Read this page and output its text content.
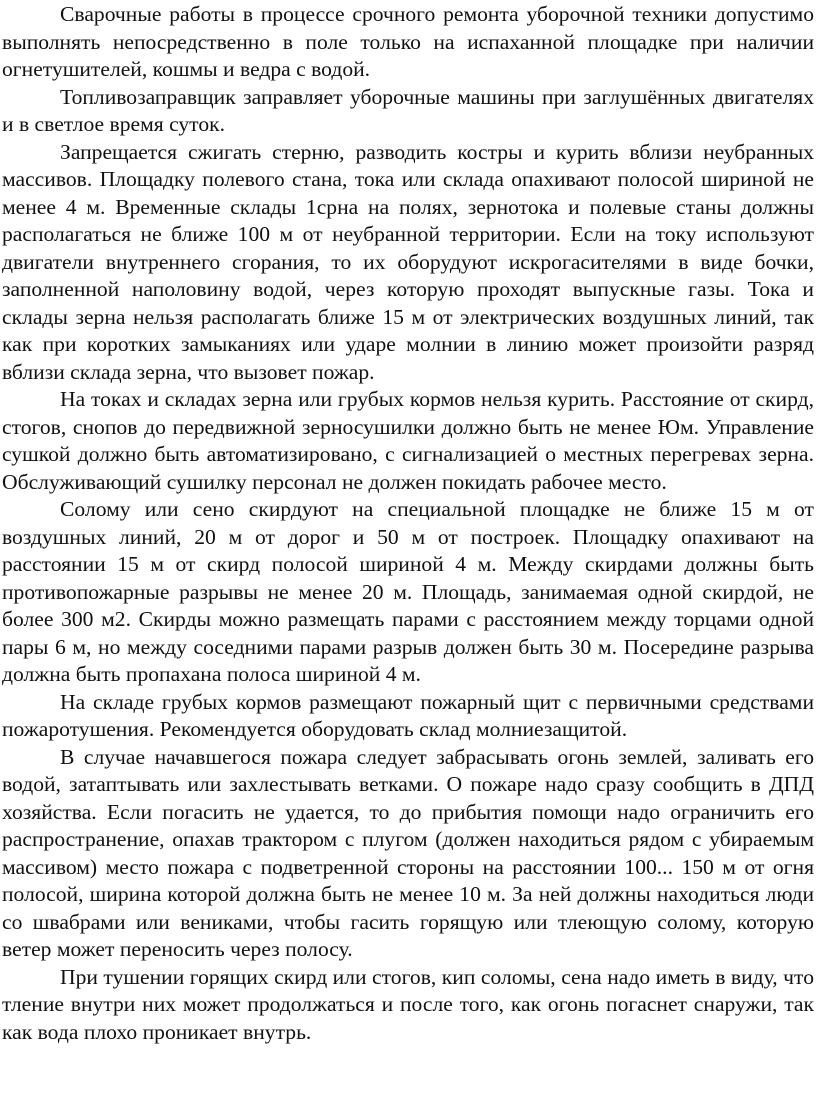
Сварочные работы в процессе срочного ремонта уборочной техники допустимо выполнять непосредственно в поле только на испаханной площадке при наличии огнетушителей, кошмы и ведра с водой.

Топливозаправщик заправляет уборочные машины при заглушённых двигателях и в светлое время суток.

Запрещается сжигать стерню, разводить костры и курить вблизи неубранных массивов. Площадку полевого стана, тока или склада опахивают полосой шириной не менее 4 м. Временные склады 1срна на полях, зернотока и полевые станы должны располагаться не ближе 100 м от неубранной территории. Если на току используют двигатели внутреннего сгорания, то их оборудуют искрогасителями в виде бочки, заполненной наполовину водой, через которую проходят выпускные газы. Тока и склады зерна нельзя располагать ближе 15 м от электрических воздушных линий, так как при коротких замыканиях или ударе молнии в линию может произойти разряд вблизи склада зерна, что вызовет пожар.

На токах и складах зерна или грубых кормов нельзя курить. Расстояние от скирд, стогов, снопов до передвижной зерносушилки должно быть не менее Юм. Управление сушкой должно быть автоматизировано, с сигнализацией о местных перегревах зерна. Обслуживающий сушилку персонал не должен покидать рабочее место.

Солому или сено скирдуют на специальной площадке не ближе 15 м от воздушных линий, 20 м от дорог и 50 м от построек. Площадку опахивают на расстоянии 15 м от скирд полосой шириной 4 м. Между скирдами должны быть противопожарные разрывы не менее 20 м. Площадь, занимаемая одной скирдой, не более 300 м2. Скирды можно размещать парами с расстоянием между торцами одной пары 6 м, но между соседними парами разрыв должен быть 30 м. Посередине разрыва должна быть пропахана полоса шириной 4 м.

На складе грубых кормов размещают пожарный щит с первичными средствами пожаротушения. Рекомендуется оборудовать склад молниезащитой.

В случае начавшегося пожара следует забрасывать огонь землей, заливать его водой, затаптывать или захлестывать ветками. О пожаре надо сразу сообщить в ДПД хозяйства. Если погасить не удается, то до прибытия помощи надо ограничить его распространение, опахав трактором с плугом (должен находиться рядом с убираемым массивом) место пожара с подветренной стороны на расстоянии 100... 150 м от огня полосой, ширина которой должна быть не менее 10 м. За ней должны находиться люди со швабрами или вениками, чтобы гасить горящую или тлеющую солому, которую ветер может переносить через полосу.

При тушении горящих скирд или стогов, кип соломы, сена надо иметь в виду, что тление внутри них может продолжаться и после того, как огонь погаснет снаружи, так как вода плохо проникает внутрь.
